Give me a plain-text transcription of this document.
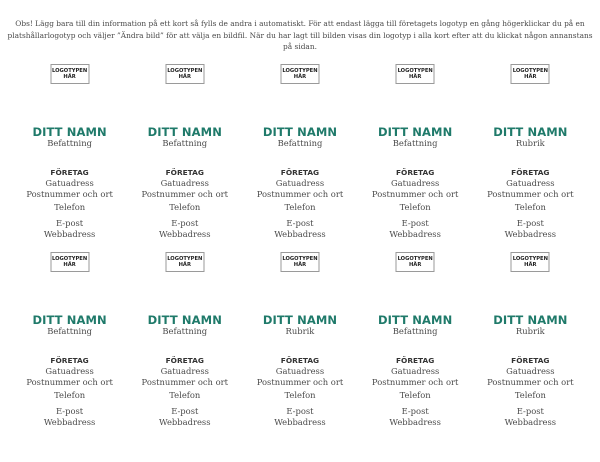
Obs! Lägg bara till din information på ett kort så fylls de andra i automatiskt. För att endast lägga till företagets logotyp en gång högerklickar du på en platshållarlogotyp och väljer ”Ändra bild” för att välja en bildfil. När du har lagt till bilden visas din logotyp i alla kort efter att du klickat någon annanstans på sidan.
LOGOTYPEN HÄR
DITT NAMN
Befattning
FÖRETAG
Gatuadress
Postnummer och ort
Telefon
E-post
Webbadress
LOGOTYPEN HÄR
DITT NAMN
Befattning
FÖRETAG
Gatuadress
Postnummer och ort
Telefon
E-post
Webbadress
LOGOTYPEN HÄR
DITT NAMN
Befattning
FÖRETAG
Gatuadress
Postnummer och ort
Telefon
E-post
Webbadress
LOGOTYPEN HÄR
DITT NAMN
Befattning
FÖRETAG
Gatuadress
Postnummer och ort
Telefon
E-post
Webbadress
LOGOTYPEN HÄR
DITT NAMN
Rubrik
FÖRETAG
Gatuadress
Postnummer och ort
Telefon
E-post
Webbadress
LOGOTYPEN HÄR
DITT NAMN
Befattning
FÖRETAG
Gatuadress
Postnummer och ort
Telefon
E-post
Webbadress
LOGOTYPEN HÄR
DITT NAMN
Befattning
FÖRETAG
Gatuadress
Postnummer och ort
Telefon
E-post
Webbadress
LOGOTYPEN HÄR
DITT NAMN
Rubrik
FÖRETAG
Gatuadress
Postnummer och ort
Telefon
E-post
Webbadress
LOGOTYPEN HÄR
DITT NAMN
Befattning
FÖRETAG
Gatuadress
Postnummer och ort
Telefon
E-post
Webbadress
LOGOTYPEN HÄR
DITT NAMN
Rubrik
FÖRETAG
Gatuadress
Postnummer och ort
Telefon
E-post
Webbadress
